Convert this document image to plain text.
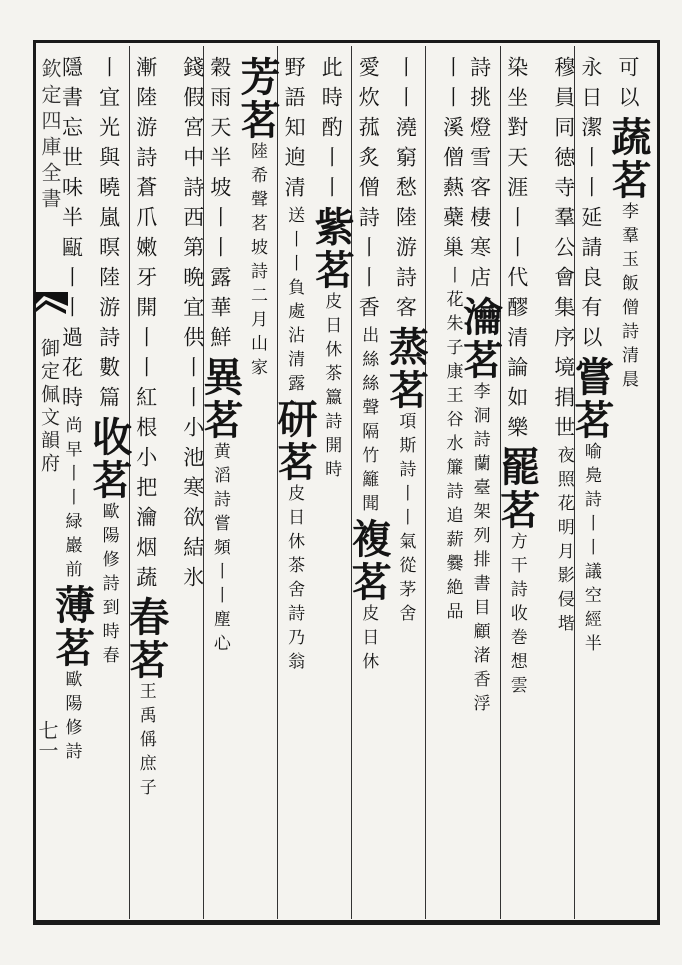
欽定四庫全書
御定佩文韻府
七一
可以蔬茗李羣玉飯僧詩清晨
永日潔丨丨延請良有以嘗茗喻鳧詩丨丨議空經半
穆員同徳寺羣公會集序境捐世夜照花明月影侵堦
染坐對天涯丨丨代醪清論如樂罷茗方干詩收巻想雲
詩挑燈雪客棲寒店瀹茗李洞詩蘭臺架列排書目顧渚香浮
丨丨溪僧爇蘗巢丨花朱子康王谷水簾詩追薪爨絶品
丨丨澆窮愁陸游詩客蒸茗項斯詩丨丨氣從茅舍
愛炊菰炙僧詩丨丨香出絲絲聲隔竹籬聞複茗皮日休
此時酌丨丨紫茗皮日休茶籝詩開時
野語知逈清送丨丨負處沾清露研茗皮日休茶舍詩乃翁
芳茗陸希聲茗坡詩二月山家
穀雨天半坡丨丨露華鮮異茗黄滔詩嘗頻丨丨塵心
錢假宮中詩西第晩宜供丨丨小池寒欲結氷
漸陸游詩蒼爪嫩牙開丨丨紅根小把瀹烟蔬春茗王禹偁庶子
丨宜光與曉嵐暝陸游詩數篇收茗歐陽修詩到時春
隱書忘世味半甌丨丨過花時尚早丨丨緑巖前薄茗歐陽修詩
